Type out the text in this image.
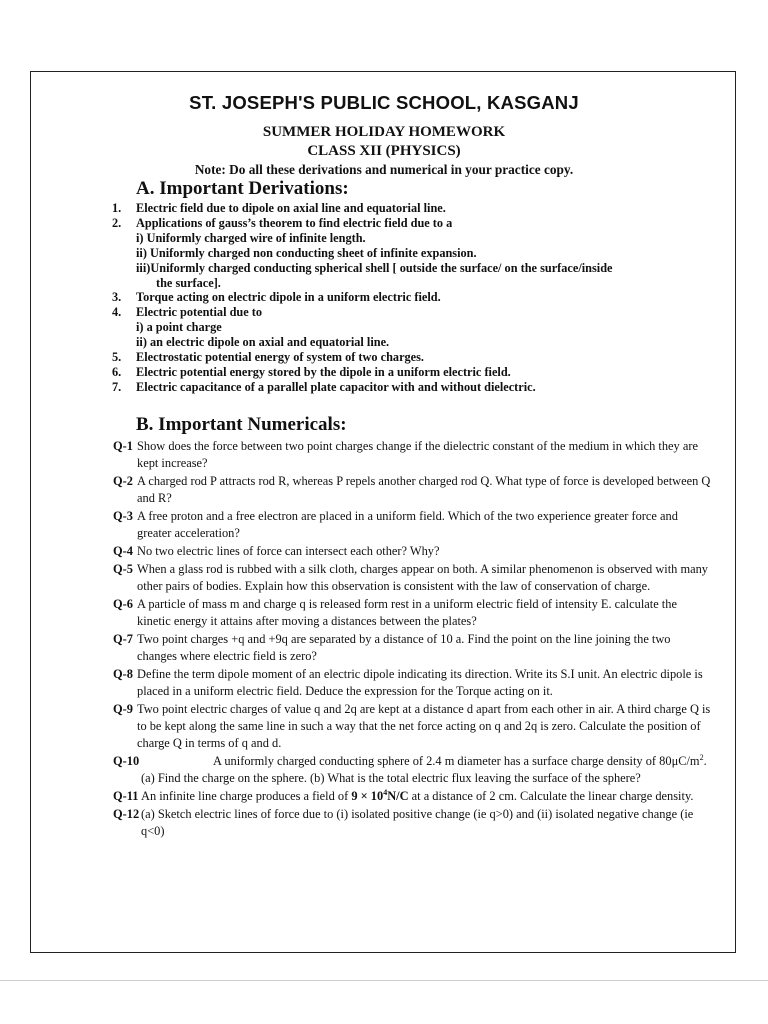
ST. JOSEPH'S PUBLIC SCHOOL, KASGANJ
SUMMER HOLIDAY HOMEWORK
CLASS XII (PHYSICS)
Note: Do all these derivations and numerical in your practice copy.
A. Important Derivations:
1. Electric field due to dipole on axial line and equatorial line.
2. Applications of gauss’s theorem to find electric field due to a
i) Uniformly charged wire of infinite length.
ii) Uniformly charged non conducting sheet of infinite expansion.
iii)Uniformly charged conducting spherical shell [ outside the surface/ on the surface/inside
the surface].
3. Torque acting on electric dipole in a uniform electric field.
4. Electric potential due to
i) a point charge
ii) an electric dipole on axial and equatorial line.
5. Electrostatic potential energy of system of two charges.
6. Electric potential energy stored by the dipole in a uniform electric field.
7. Electric capacitance of a parallel plate capacitor with and without dielectric.
B. Important Numericals:
Q-1 Show does the force between two point charges change if the dielectric constant of the medium in which they are kept increase?
Q-2 A charged rod P attracts rod R, whereas P repels another charged rod Q. What type of force is developed between Q and R?
Q-3 A free proton and a free electron are placed in a uniform field. Which of the two experience greater force and greater acceleration?
Q-4 No two electric lines of force can intersect each other? Why?
Q-5 When a glass rod is rubbed with a silk cloth, charges appear on both. A similar phenomenon is observed with many other pairs of bodies. Explain how this observation is consistent with the law of conservation of charge.
Q-6 A particle of mass m and charge q is released form rest in a uniform electric field of intensity E. calculate the kinetic energy it attains after moving a distances between the plates?
Q-7 Two point charges +q and +9q are separated by a distance of 10 a. Find the point on the line joining the two changes where electric field is zero?
Q-8 Define the term dipole moment of an electric dipole indicating its direction. Write its S.I unit. An electric dipole is placed in a uniform electric field. Deduce the expression for the Torque acting on it.
Q-9 Two point electric charges of value q and 2q are kept at a distance d apart from each other in air. A third charge Q is to be kept along the same line in such a way that the net force acting on q and 2q is zero. Calculate the position of charge Q in terms of q and d.
Q-10	A uniformly charged conducting sphere of 2.4 m diameter has a surface charge density of $80\mu C/m^2$. (a) Find the charge on the sphere. (b) What is the total electric flux leaving the surface of the sphere?
Q-11 An infinite line charge produces a field of $9 \times 10^4N/C$ at a distance of 2 cm. Calculate the linear charge density.
Q-12 (a) Sketch electric lines of force due to (i) isolated positive change (ie q>0) and (ii) isolated negative change (ie q<0)
